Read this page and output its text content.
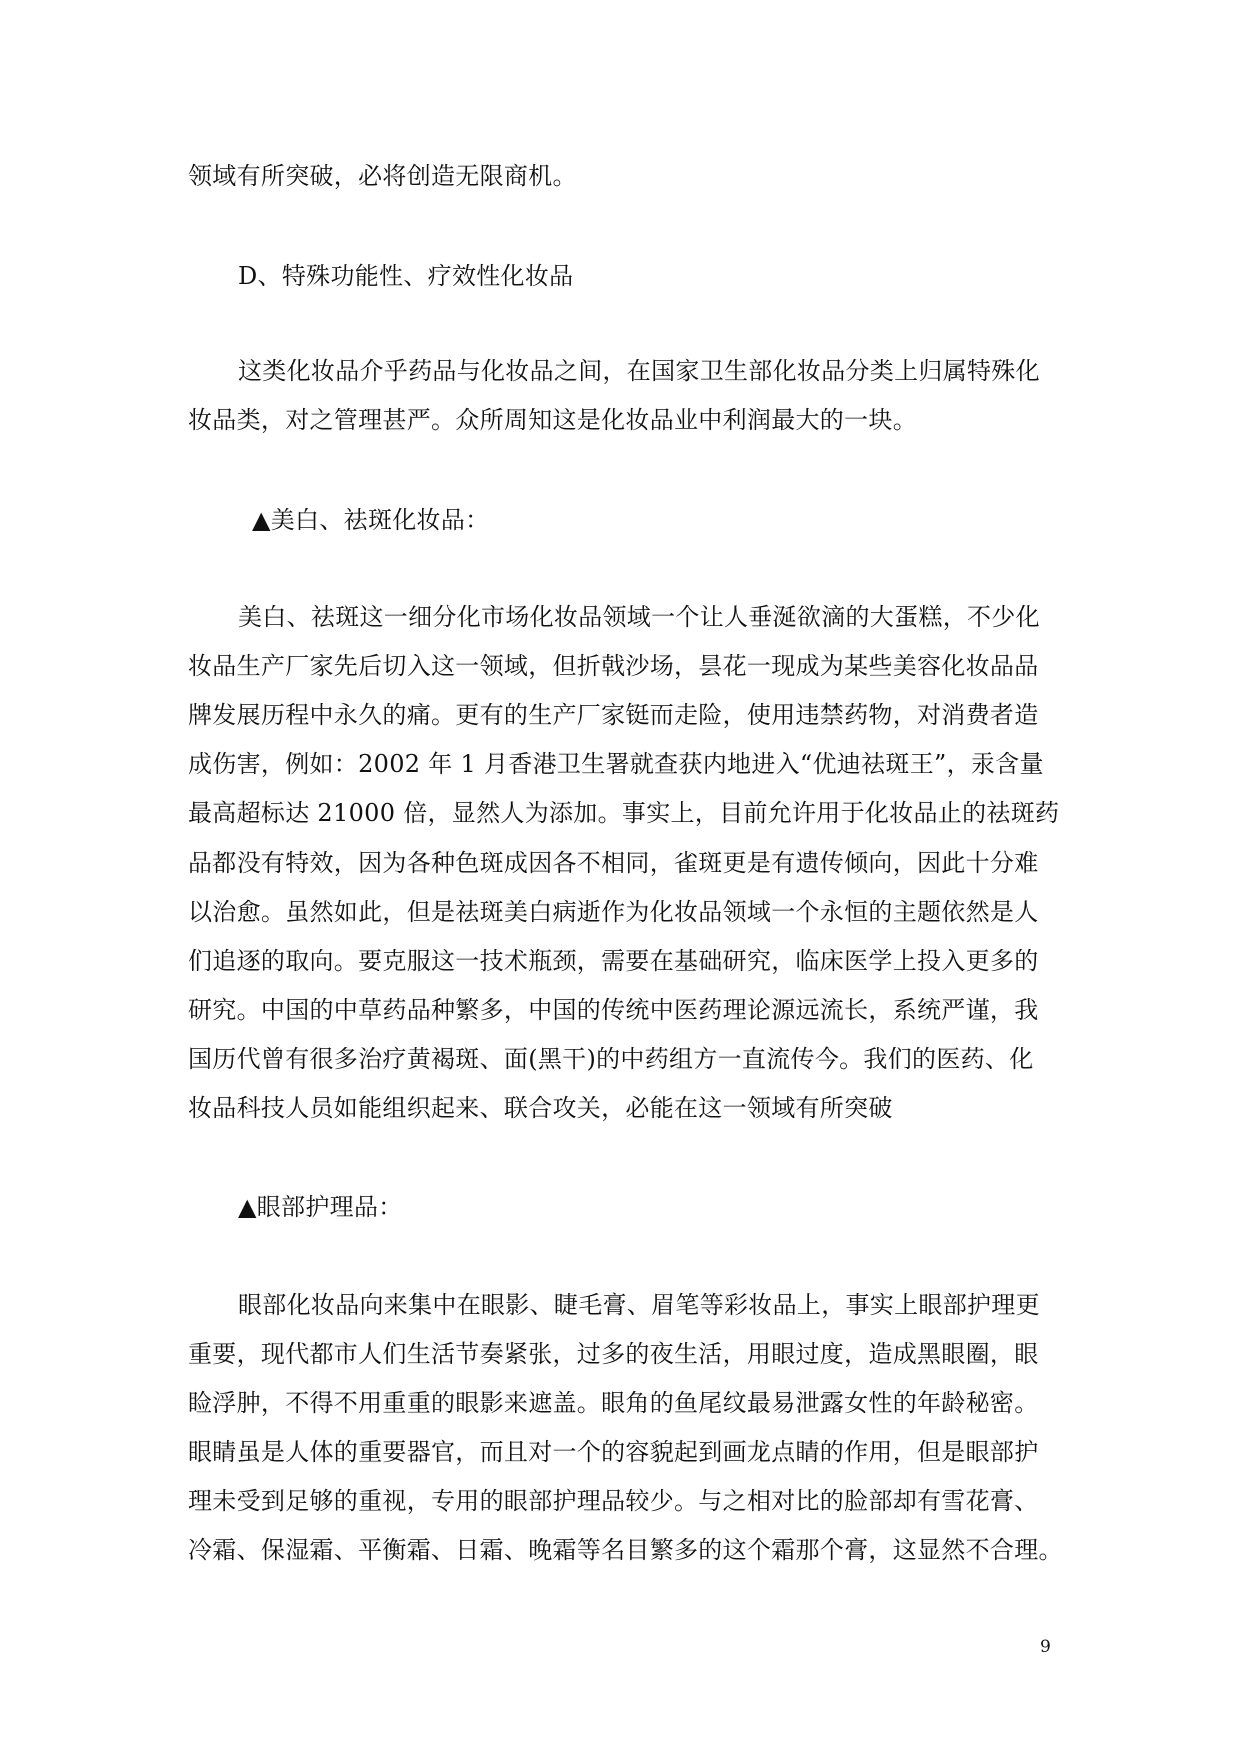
领域有所突破，必将创造无限商机。
D、特殊功能性、疗效性化妆品
这类化妆品介乎药品与化妆品之间，在国家卫生部化妆品分类上归属特殊化
妆品类，对之管理甚严。众所周知这是化妆品业中利润最大的一块。
▲美白、祛斑化妆品：
美白、祛斑这一细分化市场化妆品领域一个让人垂涎欲滴的大蛋糕，不少化
妆品生产厂家先后切入这一领域，但折戟沙场，昙花一现成为某些美容化妆品品
牌发展历程中永久的痛。更有的生产厂家铤而走险，使用违禁药物，对消费者造
成伤害，例如：2002 年 1 月香港卫生署就查获内地进入“优迪祛斑王”，汞含量
最高超标达 21000 倍，显然人为添加。事实上，目前允许用于化妆品止的祛斑药
品都没有特效，因为各种色斑成因各不相同，雀斑更是有遗传倾向，因此十分难
以治愈。虽然如此，但是祛斑美白病逝作为化妆品领域一个永恒的主题依然是人
们追逐的取向。要克服这一技术瓶颈，需要在基础研究，临床医学上投入更多的
研究。中国的中草药品种繁多，中国的传统中医药理论源远流长，系统严谨，我
国历代曾有很多治疗黄褐斑、面(黑干)的中药组方一直流传今。我们的医药、化
妆品科技人员如能组织起来、联合攻关，必能在这一领域有所突破
▲眼部护理品：
眼部化妆品向来集中在眼影、睫毛膏、眉笔等彩妆品上，事实上眼部护理更
重要，现代都市人们生活节奏紧张，过多的夜生活，用眼过度，造成黑眼圈，眼
睑浮肿，不得不用重重的眼影来遮盖。眼角的鱼尾纹最易泄露女性的年龄秘密。
眼睛虽是人体的重要器官，而且对一个的容貌起到画龙点睛的作用，但是眼部护
理未受到足够的重视，专用的眼部护理品较少。与之相对比的脸部却有雪花膏、
冷霜、保湿霜、平衡霜、日霜、晚霜等名目繁多的这个霜那个膏，这显然不合理。
9
